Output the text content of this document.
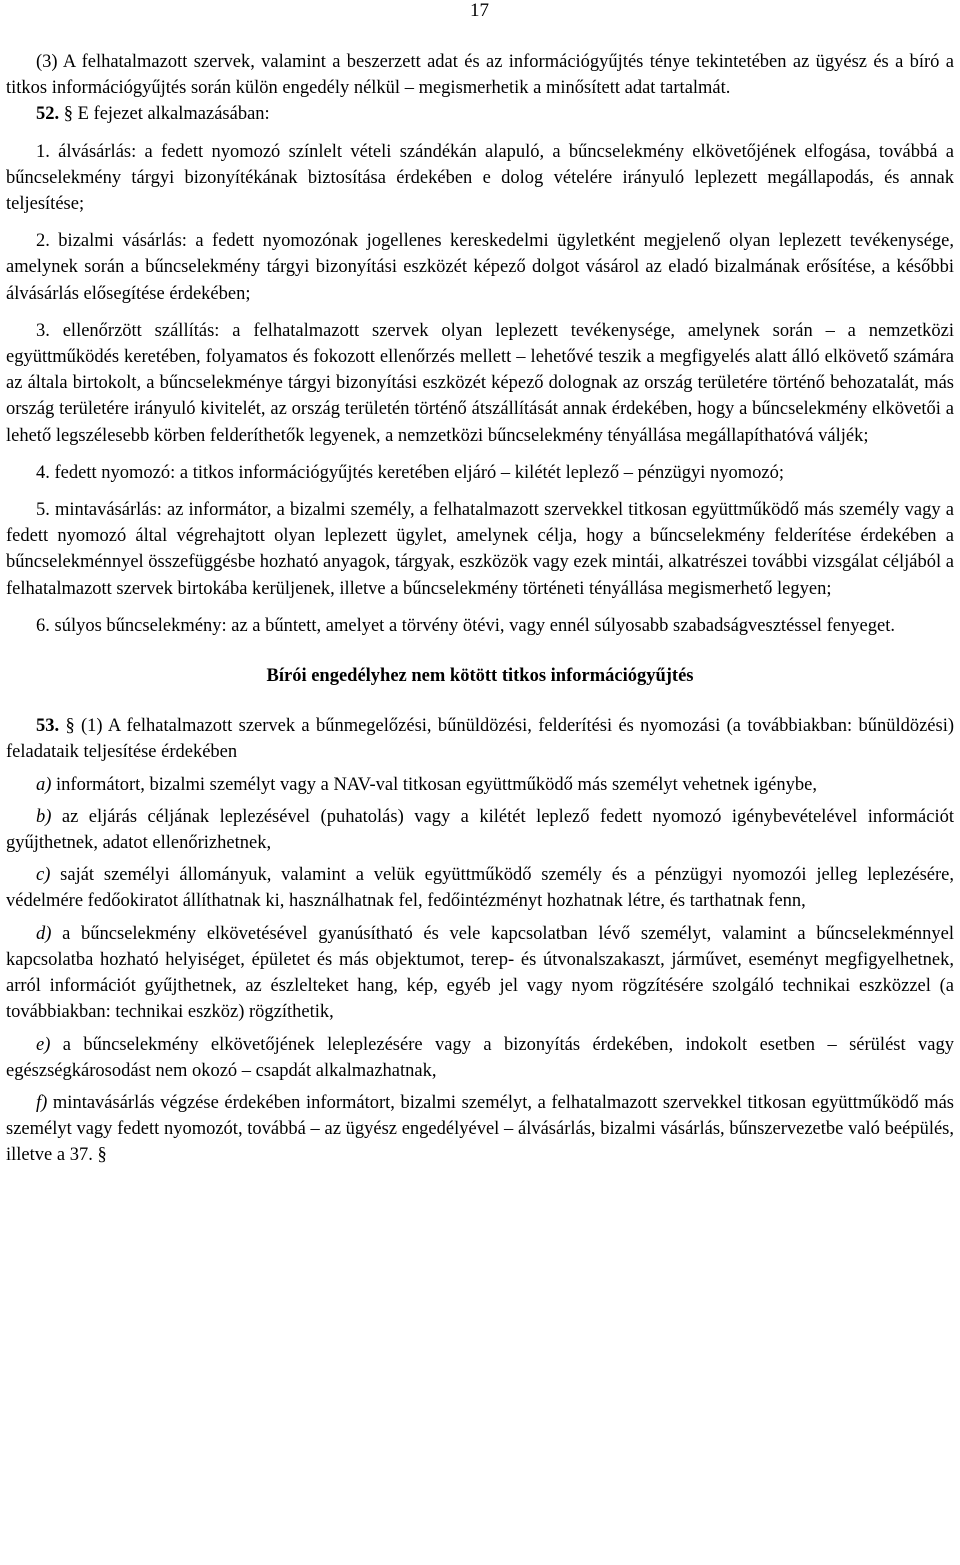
17

(3) A felhatalmazott szervek, valamint a beszerzett adat és az információgyűjtés ténye tekintetében az ügyész és a bíró a titkos információgyűjtés során külön engedély nélkül – megismerhetik a minősített adat tartalmát.

52. § E fejezet alkalmazásában:

1. álvásárlás: a fedett nyomozó színlelt vételi szándékán alapuló, a bűncselekmény elkövetőjének elfogása, továbbá a bűncselekmény tárgyi bizonyítékának biztosítása érdekében e dolog vételére irányuló leplezett megállapodás, és annak teljesítése;

2. bizalmi vásárlás: a fedett nyomozónak jogellenes kereskedelmi ügyletként megjelenő olyan leplezett tevékenysége, amelynek során a bűncselekmény tárgyi bizonyítási eszközét képező dolgot vásárol az eladó bizalmának erősítése, a későbbi álvásárlás elősegítése érdekében;

3. ellenőrzött szállítás: a felhatalmazott szervek olyan leplezett tevékenysége, amelynek során – a nemzetközi együttműködés keretében, folyamatos és fokozott ellenőrzés mellett – lehetővé teszik a megfigyelés alatt álló elkövető számára az általa birtokolt, a bűncselekménye tárgyi bizonyítási eszközét képező dolognak az ország területére történő behozatalát, más ország területére irányuló kivitelét, az ország területén történő átszállítását annak érdekében, hogy a bűncselekmény elkövetői a lehető legszélesebb körben felderíthetők legyenek, a nemzetközi bűncselekmény tényállása megállapíthatóvá váljék;

4. fedett nyomozó: a titkos információgyűjtés keretében eljáró – kilétét leplező – pénzügyi nyomozó;

5. mintavásárlás: az informátor, a bizalmi személy, a felhatalmazott szervekkel titkosan együttműködő más személy vagy a fedett nyomozó által végrehajtott olyan leplezett ügylet, amelynek célja, hogy a bűncselekmény felderítése érdekében a bűncselekménnyel összefüggésbe hozható anyagok, tárgyak, eszközök vagy ezek mintái, alkatrészei további vizsgálat céljából a felhatalmazott szervek birtokába kerüljenek, illetve a bűncselekmény történeti tényállása megismerhető legyen;

6. súlyos bűncselekmény: az a bűntett, amelyet a törvény ötévi, vagy ennél súlyosabb szabadságvesztéssel fenyeget.

Bírói engedélyhez nem kötött titkos információgyűjtés

53. § (1) A felhatalmazott szervek a bűnmegelőzési, bűnüldözési, felderítési és nyomozási (a továbbiakban: bűnüldözési) feladataik teljesítése érdekében

a) informátort, bizalmi személyt vagy a NAV-val titkosan együttműködő más személyt vehetnek igénybe,

b) az eljárás céljának leplezésével (puhatolás) vagy a kilétét leplező fedett nyomozó igénybevételével információt gyűjthetnek, adatot ellenőrizhetnek,

c) saját személyi állományuk, valamint a velük együttműködő személy és a pénzügyi nyomozói jelleg leplezésére, védelmére fedőokiratot állíthatnak ki, használhatnak fel, fedőintézményt hozhatnak létre, és tarthatnak fenn,

d) a bűncselekmény elkövetésével gyanúsítható és vele kapcsolatban lévő személyt, valamint a bűncselekménnyel kapcsolatba hozható helyiséget, épületet és más objektumot, terep- és útvonalszakaszt, járművet, eseményt megfigyelhetnek, arról információt gyűjthetnek, az észlelteket hang, kép, egyéb jel vagy nyom rögzítésére szolgáló technikai eszközzel (a továbbiakban: technikai eszköz) rögzíthetik,

e) a bűncselekmény elkövetőjének leleplezésére vagy a bizonyítás érdekében, indokolt esetben – sérülést vagy egészségkárosodást nem okozó – csapdát alkalmazhatnak,

f) mintavásárlás végzése érdekében informátort, bizalmi személyt, a felhatalmazott szervekkel titkosan együttműködő más személyt vagy fedett nyomozót, továbbá – az ügyész engedélyével – álvásárlás, bizalmi vásárlás, bűnszervezetbe való beépülés, illetve a 37. §
